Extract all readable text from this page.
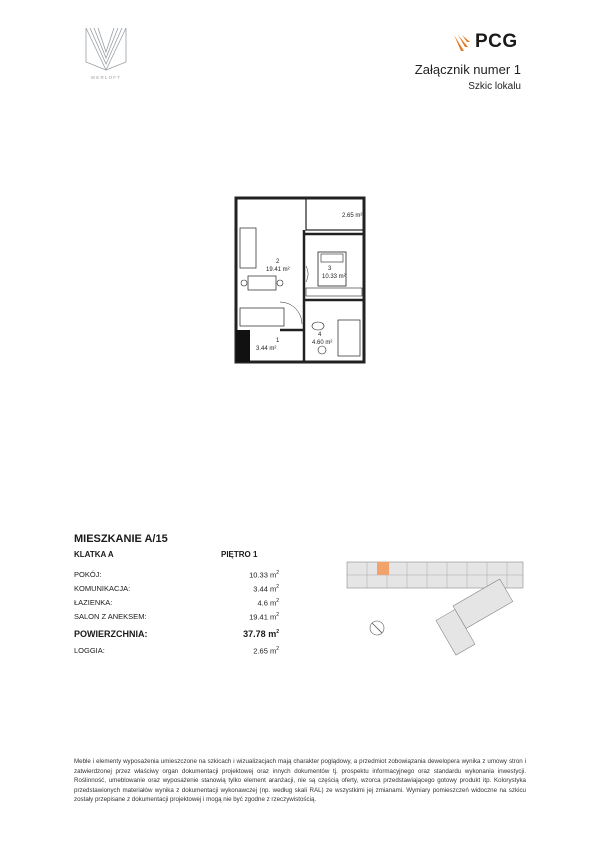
WERLOFT
PCG
Załącznik numer 1
Szkic lokalu
2.65 m²
2
19.41 m²	3
10.33 m²
1
3.44 m²
4
4.60 m²
MIESZKANIE A/15
KLATKA A	PIĘTRO 1
POKÓJ:	10.33 $m^2$
KOMUNIKACJA:	3.44 $m^2$
ŁAZIENKA:	4.6 $m^2$
SALON Z ANEKSEM:	19.41 $m^2$
POWIERZCHNIA:	37.78 $m^2$
LOGGIA:	2.65 $m^2$
Meble i elementy wyposażenia umieszczone na szkicach i wizualizacjach mają charakter poglądowy, a przedmiot zobowiązania dewelopera wynika z umowy stron i zatwierdzonej przez właściwy organ dokumentacji projektowej oraz innych dokumentów tj. prospektu informacyjnego oraz standardu wykonania inwestycji. Roślinność, umeblowanie oraz wyposażenie stanowią tylko element aranżacji, nie są częścią oferty, wzorca przedstawiającego gotowy produkt itp. Kolorystyka przedstawionych materiałów wynika z dokumentacji wykonawczej (np. według skali RAL) ze wszystkimi jej zmianami. Wymiary pomieszczeń widoczne na szkicu zostały przepisane z dokumentacji projektowej i mogą nie być zgodne z rzeczywistością.
